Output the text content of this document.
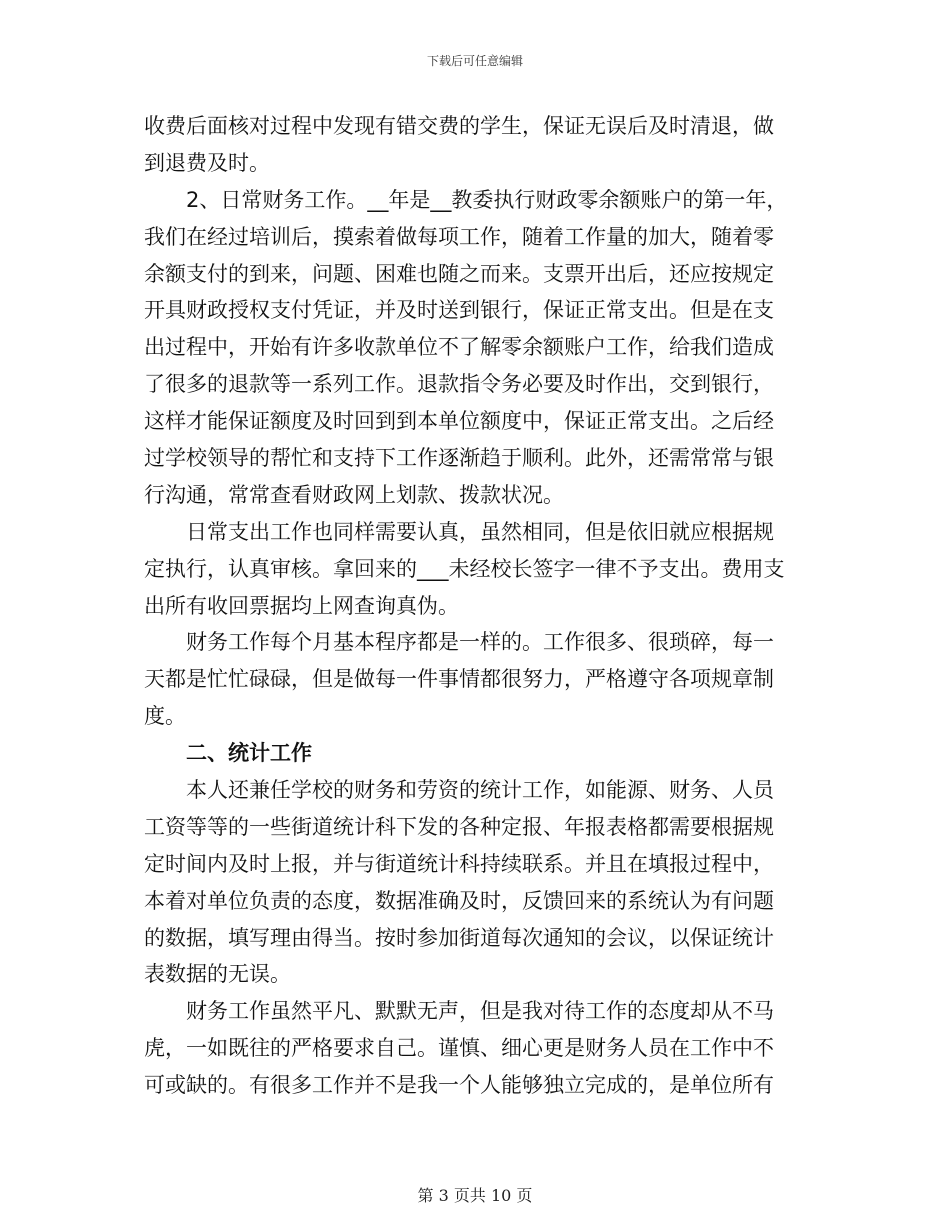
下载后可任意编辑
收费后面核对过程中发现有错交费的学生，保证无误后及时清退，做
到退费及时。
2、日常财务工作。__年是__教委执行财政零余额账户的第一年，
我们在经过培训后，摸索着做每项工作，随着工作量的加大，随着零
余额支付的到来，问题、困难也随之而来。支票开出后，还应按规定
开具财政授权支付凭证，并及时送到银行，保证正常支出。但是在支
出过程中，开始有许多收款单位不了解零余额账户工作，给我们造成
了很多的退款等一系列工作。退款指令务必要及时作出，交到银行，
这样才能保证额度及时回到到本单位额度中，保证正常支出。之后经
过学校领导的帮忙和支持下工作逐渐趋于顺利。此外，还需常常与银
行沟通，常常查看财政网上划款、拨款状况。
日常支出工作也同样需要认真，虽然相同，但是依旧就应根据规
定执行，认真审核。拿回来的___未经校长签字一律不予支出。费用支
出所有收回票据均上网查询真伪。
财务工作每个月基本程序都是一样的。工作很多、很琐碎，每一
天都是忙忙碌碌，但是做每一件事情都很努力，严格遵守各项规章制
度。
二、统计工作
本人还兼任学校的财务和劳资的统计工作，如能源、财务、人员
工资等等的一些街道统计科下发的各种定报、年报表格都需要根据规
定时间内及时上报，并与街道统计科持续联系。并且在填报过程中，
本着对单位负责的态度，数据准确及时，反馈回来的系统认为有问题
的数据，填写理由得当。按时参加街道每次通知的会议，以保证统计
表数据的无误。
财务工作虽然平凡、默默无声，但是我对待工作的态度却从不马
虎，一如既往的严格要求自己。谨慎、细心更是财务人员在工作中不
可或缺的。有很多工作并不是我一个人能够独立完成的，是单位所有
第 3 页共 10 页
